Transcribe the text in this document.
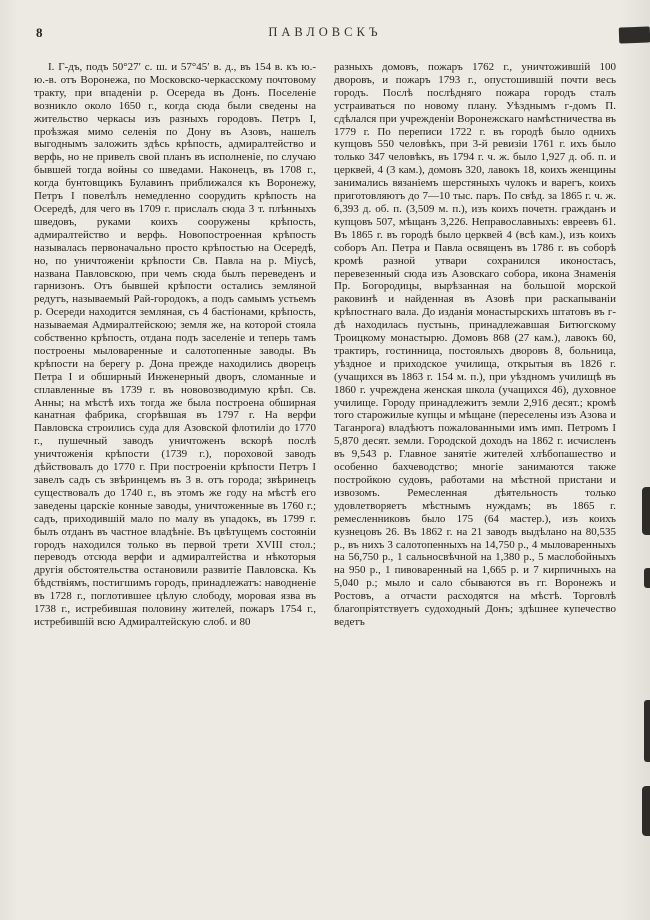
8	ПАВЛОВСКЪ
І. Г-дъ, подъ 50°27′ с. ш. и 57°45′ в. д., въ 154 в. къ ю.-ю.-в. отъ Воронежа, по Московско-черкасскому почтовому тракту, при впаденіи р. Осереда въ Донъ. Поселеніе возникло около 1650 г., когда сюда были сведены на жительство черкасы изъ разныхъ городовъ. Петръ I, проѣзжая мимо селенія по Дону въ Азовъ, нашелъ выгоднымъ заложить здѣсь крѣпость, адмиралтейство и верфь, но не привелъ свой планъ въ исполненіе, по случаю бывшей тогда войны со шведами. Наконецъ, въ 1708 г., когда бунтовщикъ Булавинъ приближался къ Воронежу, Петръ I повелѣлъ немедленно соорудить крѣпость на Осередѣ, для чего въ 1709 г. прислалъ сюда 3 т. плѣнныхъ шведовъ, руками коихъ сооружены крѣпость, адмиралтейство и верфь. Новопостроенная крѣпость называлась первоначально просто крѣпостью на Осередѣ, но, по уничтоженіи крѣпости Св. Павла на р. Міусѣ, названа Павловскою, при чемъ сюда былъ переведенъ и гарнизонъ. Отъ бывшей крѣпости остались земляной редутъ, называемый Рай-городокъ, а подъ самымъ устьемъ р. Осереди находится земляная, съ 4 бастіонами, крѣпость, называемая Адмиралтейскою; земля же, на которой стояла собственно крѣпость, отдана подъ заселеніе и теперь тамъ построены мыловаренные и салотопенные заводы. Въ крѣпости на берегу р. Дона прежде находились дворецъ Петра I и обширный Инженерный дворъ, сломанные и сплавленные въ 1739 г. въ нововозводимую крѣп. Св. Анны; на мѣстѣ ихъ тогда же была построена обширная канатная фабрика, сгорѣвшая въ 1797 г. На верфи Павловска строились суда для Азовской флотиліи до 1770 г., пушечный заводъ уничтоженъ вскорѣ послѣ уничтоженія крѣпости (1739 г.), пороховой заводъ дѣйствовалъ до 1770 г. При построеніи крѣпости Петръ I завелъ садъ съ звѣринцемъ въ 3 в. отъ города; звѣринецъ существовалъ до 1740 г., въ этомъ же году на мѣстѣ его заведены царскіе конные заводы, уничтоженные въ 1760 г.; садъ, приходившій мало по малу въ упадокъ, въ 1799 г. былъ отданъ въ частное владѣніе. Въ цвѣтущемъ состояніи городъ находился только въ первой трети XVIII стол.; переводъ отсюда верфи и адмиралтейства и нѣкоторыя другія обстоятельства остановили развитіе Павловска. Къ бѣдствіямъ, постигшимъ городъ, принадлежатъ: наводненіе въ 1728 г., поглотившее цѣлую слободу, моровая язва въ 1738 г., истребившая половину жителей, пожаръ 1754 г., истребившій всю Адмиралтейскую слоб. и 80
разныхъ домовъ, пожаръ 1762 г., уничтожившій 100 дворовъ, и пожаръ 1793 г., опустошившій почти весь городъ. Послѣ послѣдняго пожара городъ сталъ устраиваться по новому плану. Уѣзднымъ г-домъ П. сдѣлался при учрежденіи Воронежскаго намѣстничества въ 1779 г. По переписи 1722 г. въ городѣ было однихъ купцовъ 550 человѣкъ, при 3-й ревизіи 1761 г. ихъ было только 347 человѣкъ, въ 1794 г. ч. ж. было 1,927 д. об. п. и церквей, 4 (3 кам.), домовъ 320, лавокъ 18, коихъ женщины занимались вязаніемъ шерстяныхъ чулокъ и варегъ, коихъ приготовляютъ до 7—10 тыс. паръ. По свѣд. за 1865 г. ч. ж. 6,393 д. об. п. (3,509 м. п.), изъ коихъ почетн. гражданъ и купцовъ 507, мѣщанъ 3,226. Неправославныхъ: евреевъ 61. Въ 1865 г. въ городѣ было церквей 4 (всѣ кам.), изъ коихъ соборъ Ап. Петра и Павла освященъ въ 1786 г. въ соборѣ кромѣ разной утвари сохранился иконостасъ, перевезенный сюда изъ Азовскаго собора, икона Знаменія Пр. Богородицы, вырѣзанная на большой морской раковинѣ и найденная въ Азовѣ при раскапываніи крѣпостнаго вала. До изданія монастырскихъ штатовъ въ г-дѣ находилась пустынь, принадлежавшая Битюгскому Троицкому монастырю. Домовъ 868 (27 кам.), лавокъ 60, трактиръ, гостинница, постоялыхъ дворовъ 8, больница, уѣздное и приходское училища, открытыя въ 1826 г. (учащихся въ 1863 г. 154 м. п.), при уѣздномъ училищѣ въ 1860 г. учреждена женская школа (учащихся 46), духовное училище. Городу принадлежитъ земли 2,916 десят.; кромѣ того старожилые купцы и мѣщане (переселены изъ Азова и Таганрога) владѣютъ пожалованными имъ имп. Петромъ I 5,870 десят. земли. Городской доходъ на 1862 г. исчисленъ въ 9,543 р. Главное занятіе жителей хлѣбопашество и особенно бахчеводство; многіе занимаются также постройкою судовъ, работами на мѣстной пристани и извозомъ. Ремесленная дѣятельность только удовлетворяетъ мѣстнымъ нуждамъ; въ 1865 г. ремесленниковъ было 175 (64 мастер.), изъ коихъ кузнецовъ 26. Въ 1862 г. на 21 заводъ выдѣлано на 80,535 р., въ нихъ 3 салотопенныхъ на 14,750 р., 4 мыловаренныхъ на 56,750 р., 1 сальносвѣчной на 1,380 р., 5 маслобойныхъ на 950 р., 1 пивоваренный на 1,665 р. и 7 кирпичныхъ на 5,040 р.; мыло и сало сбываются въ гг. Воронежъ и Ростовъ, а отчасти расходятся на мѣстѣ. Торговлѣ благопріятствуетъ судоходный Донъ; здѣшнее купечество ведетъ
